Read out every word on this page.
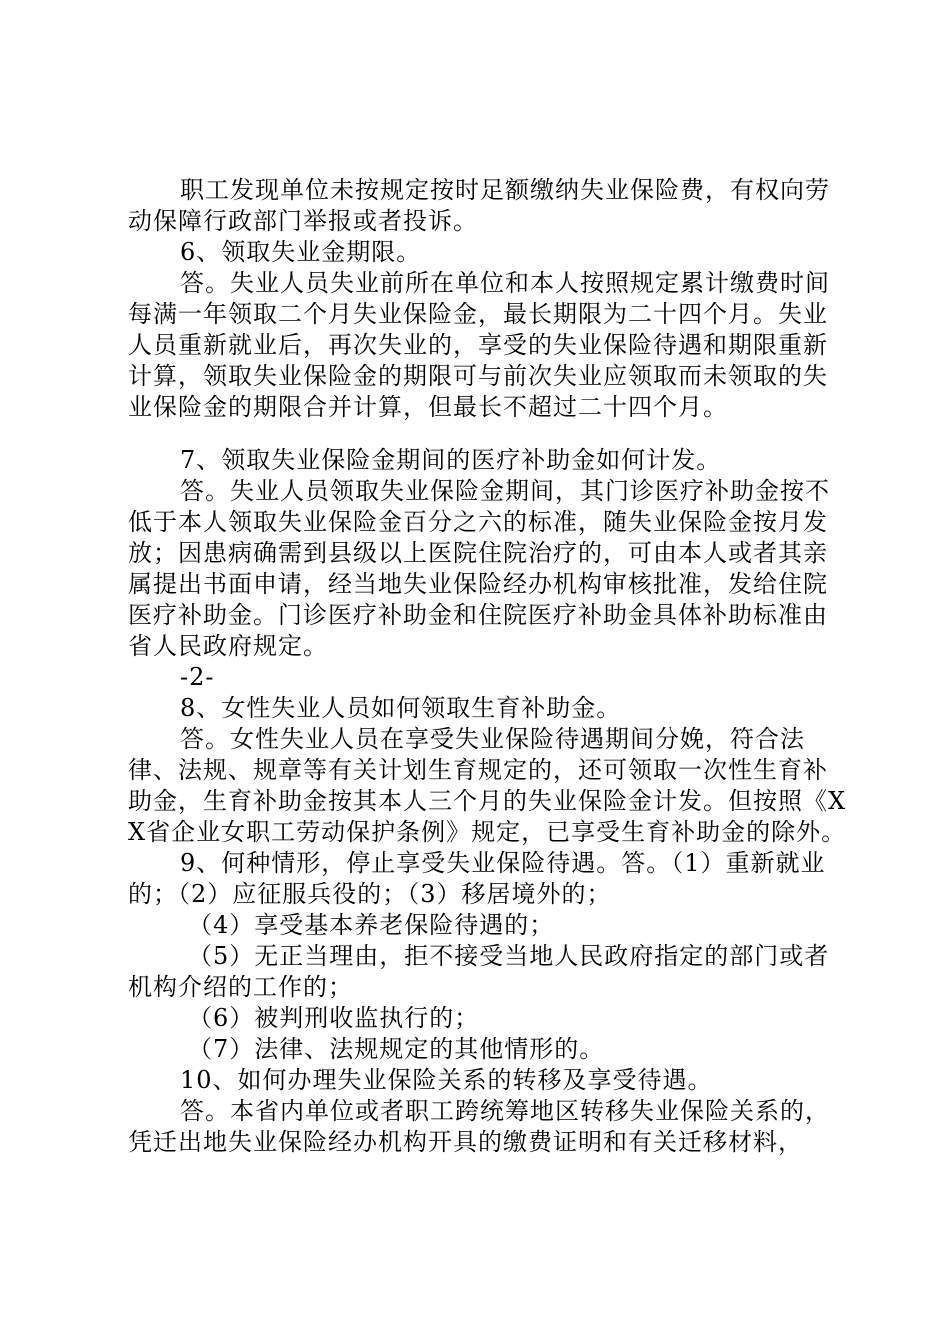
职工发现单位未按规定按时足额缴纳失业保险费，有权向劳动保障行政部门举报或者投诉。

6、领取失业金期限。

答。失业人员失业前所在单位和本人按照规定累计缴费时间每满一年领取二个月失业保险金，最长期限为二十四个月。失业人员重新就业后，再次失业的，享受的失业保险待遇和期限重新计算，领取失业保险金的期限可与前次失业应领取而未领取的失业保险金的期限合并计算，但最长不超过二十四个月。

7、领取失业保险金期间的医疗补助金如何计发。

答。失业人员领取失业保险金期间，其门诊医疗补助金按不低于本人领取失业保险金百分之六的标准，随失业保险金按月发放；因患病确需到县级以上医院住院治疗的，可由本人或者其亲属提出书面申请，经当地失业保险经办机构审核批准，发给住院医疗补助金。门诊医疗补助金和住院医疗补助金具体补助标准由省人民政府规定。

-2-

8、女性失业人员如何领取生育补助金。

答。女性失业人员在享受失业保险待遇期间分娩，符合法律、法规、规章等有关计划生育规定的，还可领取一次性生育补助金，生育补助金按其本人三个月的失业保险金计发。但按照《XX省企业女职工劳动保护条例》规定，已享受生育补助金的除外。

9、何种情形，停止享受失业保险待遇。答。（1）重新就业的；（2）应征服兵役的；（3）移居境外的；

（4）享受基本养老保险待遇的；

（5）无正当理由，拒不接受当地人民政府指定的部门或者机构介绍的工作的；

（6）被判刑收监执行的；

（7）法律、法规规定的其他情形的。

10、如何办理失业保险关系的转移及享受待遇。

答。本省内单位或者职工跨统筹地区转移失业保险关系的，凭迁出地失业保险经办机构开具的缴费证明和有关迁移材料，
